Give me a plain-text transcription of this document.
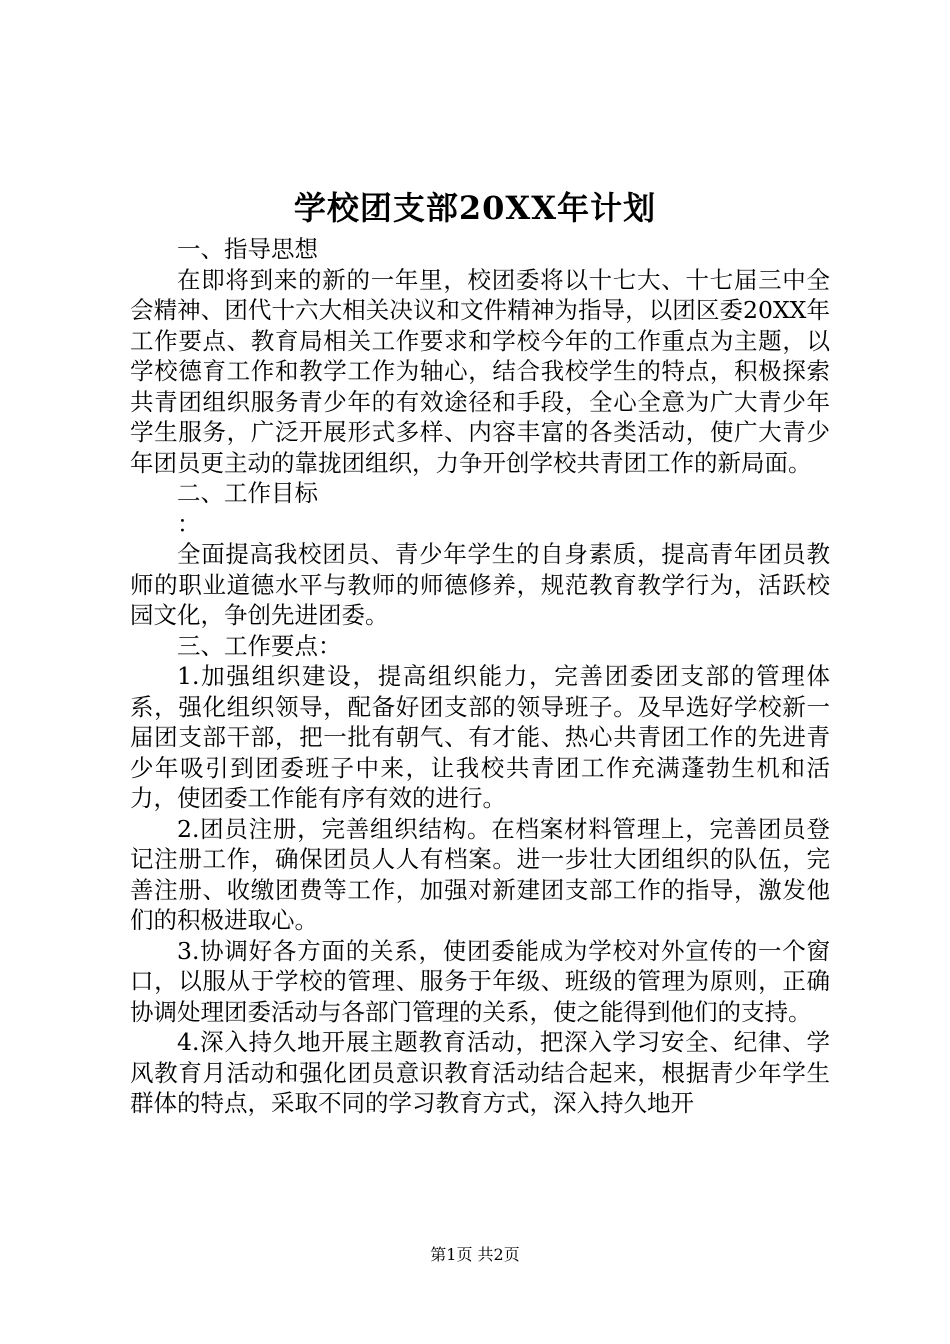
学校团支部20XX年计划

一、指导思想

在即将到来的新的一年里，校团委将以十七大、十七届三中全会精神、团代十六大相关决议和文件精神为指导，以团区委20XX年工作要点、教育局相关工作要求和学校今年的工作重点为主题，以学校德育工作和教学工作为轴心，结合我校学生的特点，积极探索共青团组织服务青少年的有效途径和手段，全心全意为广大青少年学生服务，广泛开展形式多样、内容丰富的各类活动，使广大青少年团员更主动的靠拢团组织，力争开创学校共青团工作的新局面。

二、工作目标

：

全面提高我校团员、青少年学生的自身素质，提高青年团员教师的职业道德水平与教师的师德修养，规范教育教学行为，活跃校园文化，争创先进团委。

三、工作要点：

1.加强组织建设，提高组织能力，完善团委团支部的管理体系，强化组织领导，配备好团支部的领导班子。及早选好学校新一届团支部干部，把一批有朝气、有才能、热心共青团工作的先进青少年吸引到团委班子中来，让我校共青团工作充满蓬勃生机和活力，使团委工作能有序有效的进行。

2.团员注册，完善组织结构。在档案材料管理上，完善团员登记注册工作，确保团员人人有档案。进一步壮大团组织的队伍，完善注册、收缴团费等工作，加强对新建团支部工作的指导，激发他们的积极进取心。

3.协调好各方面的关系，使团委能成为学校对外宣传的一个窗口，以服从于学校的管理、服务于年级、班级的管理为原则，正确协调处理团委活动与各部门管理的关系，使之能得到他们的支持。

4.深入持久地开展主题教育活动，把深入学习安全、纪律、学风教育月活动和强化团员意识教育活动结合起来，根据青少年学生群体的特点，采取不同的学习教育方式，深入持久地开

第1页 共2页
